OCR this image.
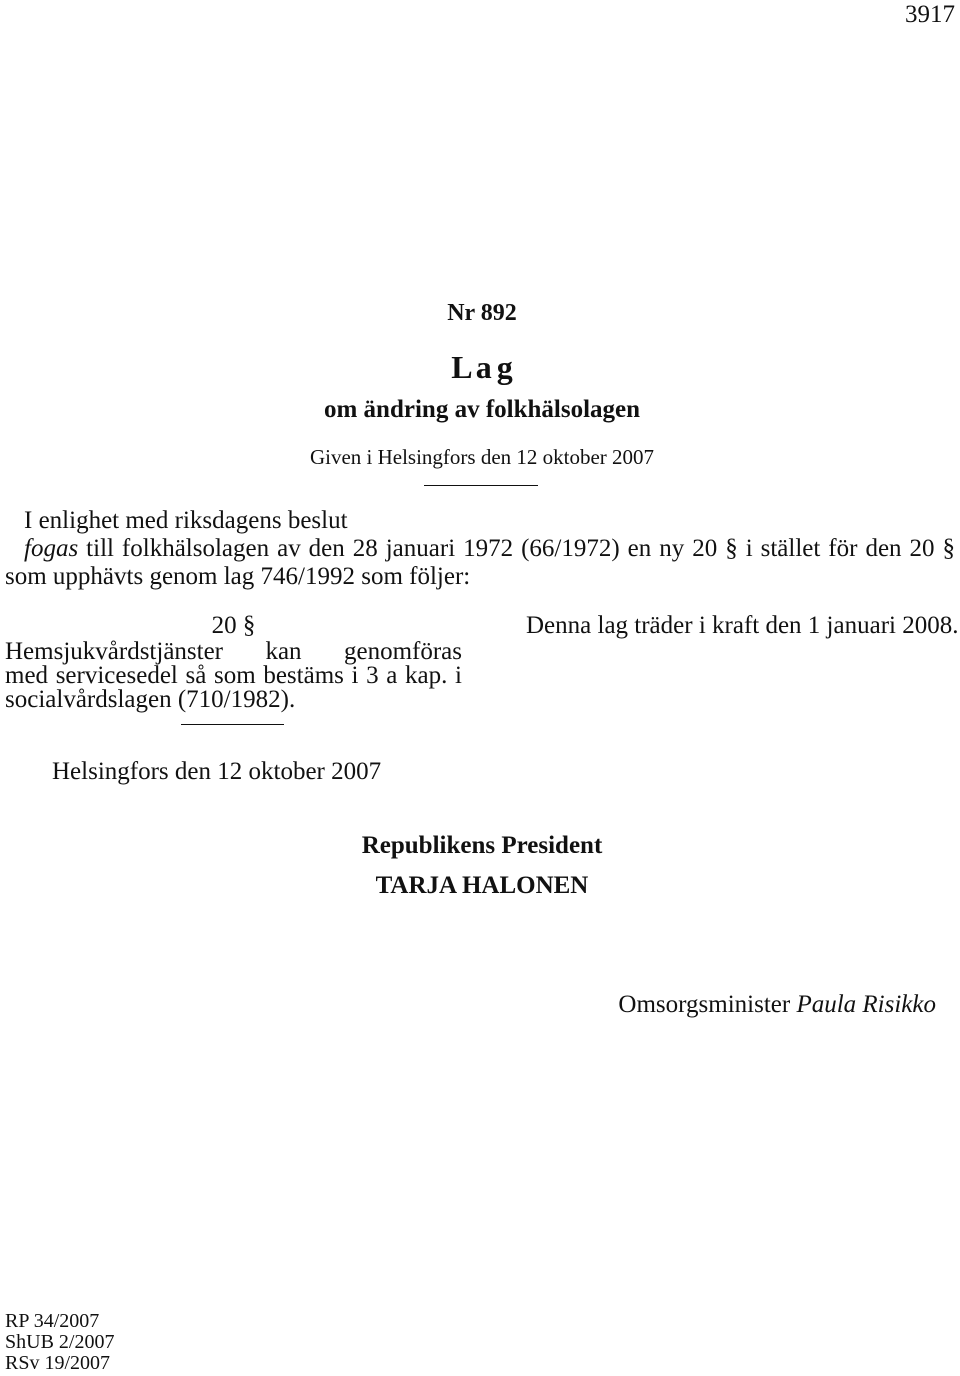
3917
Nr 892
L a g
om ändring av folkhälsolagen
Given i Helsingfors den 12 oktober 2007
I enlighet med riksdagens beslut
fogas till folkhälsolagen av den 28 januari 1972 (66/1972) en ny 20 § i stället för den 20 §
som upphävts genom lag 746/1992 som följer:
20 §
Hemsjukvårdstjänster kan genomföras
med servicesedel så som bestäms i 3 a kap. i
socialvårdslagen (710/1982).
Denna lag träder i kraft den 1 januari 2008.
Helsingfors den 12 oktober 2007
Republikens President
TARJA HALONEN
Omsorgsminister Paula Risikko
RP 34/2007
ShUB 2/2007
RSv 19/2007
